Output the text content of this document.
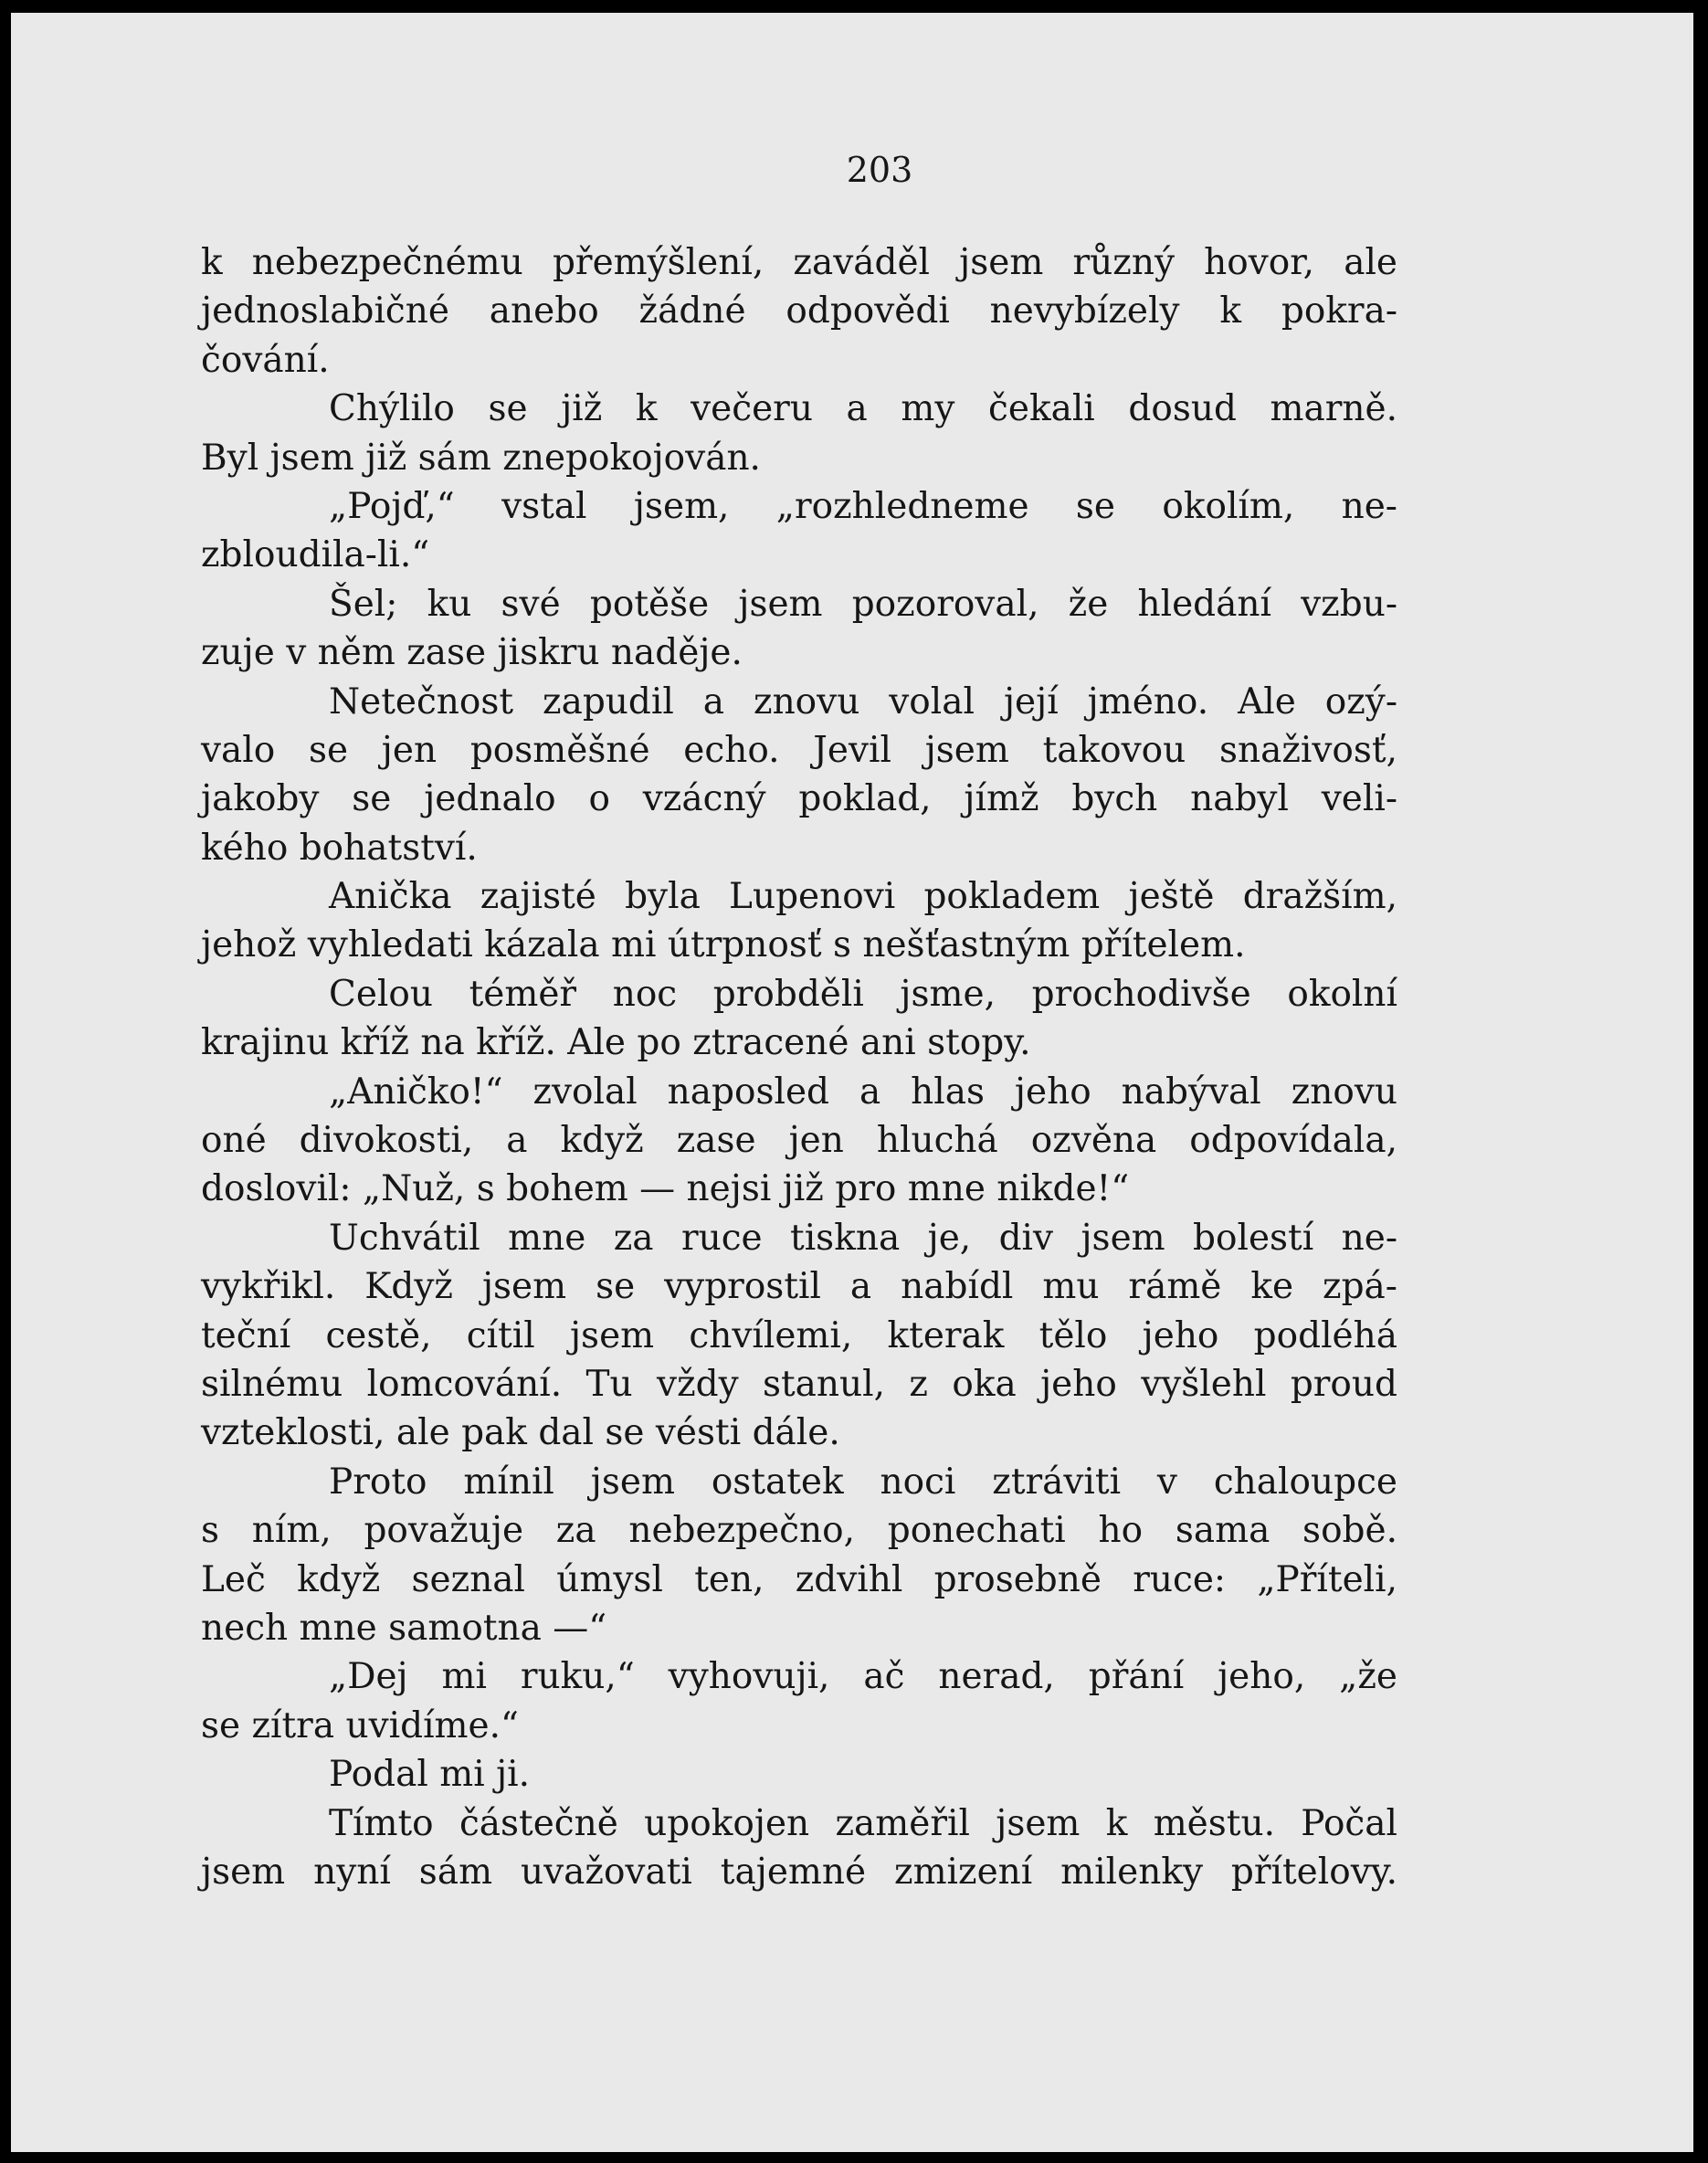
203
k nebezpečnému přemýšlení, zaváděl jsem různý hovor, ale
jednoslabičné anebo žádné odpovědi nevybízely k pokra-
čování.
Chýlilo se již k večeru a my čekali dosud marně.
Byl jsem již sám znepokojován.
„Pojď,“ vstal jsem, „rozhledneme se okolím, ne-
zbloudila-li.“
Šel; ku své potěše jsem pozoroval, že hledání vzbu-
zuje v něm zase jiskru naděje.
Netečnost zapudil a znovu volal její jméno. Ale ozý-
valo se jen posměšné echo. Jevil jsem takovou snaživosť,
jakoby se jednalo o vzácný poklad, jímž bych nabyl veli-
kého bohatství.
Anička zajisté byla Lupenovi pokladem ještě dražším,
jehož vyhledati kázala mi útrpnosť s nešťastným přítelem.
Celou téměř noc probděli jsme, prochodivše okolní
krajinu kříž na kříž. Ale po ztracené ani stopy.
„Aničko!“ zvolal naposled a hlas jeho nabýval znovu
oné divokosti, a když zase jen hluchá ozvěna odpovídala,
doslovil: „Nuž, s bohem — nejsi již pro mne nikde!“
Uchvátil mne za ruce tiskna je, div jsem bolestí ne-
vykřikl. Když jsem se vyprostil a nabídl mu rámě ke zpá-
teční cestě, cítil jsem chvílemi, kterak tělo jeho podléhá
silnému lomcování. Tu vždy stanul, z oka jeho vyšlehl proud
vzteklosti, ale pak dal se vésti dále.
Proto mínil jsem ostatek noci ztráviti v chaloupce
s ním, považuje za nebezpečno, ponechati ho sama sobě.
Leč když seznal úmysl ten, zdvihl prosebně ruce: „Příteli,
nech mne samotna —“
„Dej mi ruku,“ vyhovuji, ač nerad, přání jeho, „že
se zítra uvidíme.“
Podal mi ji.
Tímto částečně upokojen zaměřil jsem k městu. Počal
jsem nyní sám uvažovati tajemné zmizení milenky přítelovy.
